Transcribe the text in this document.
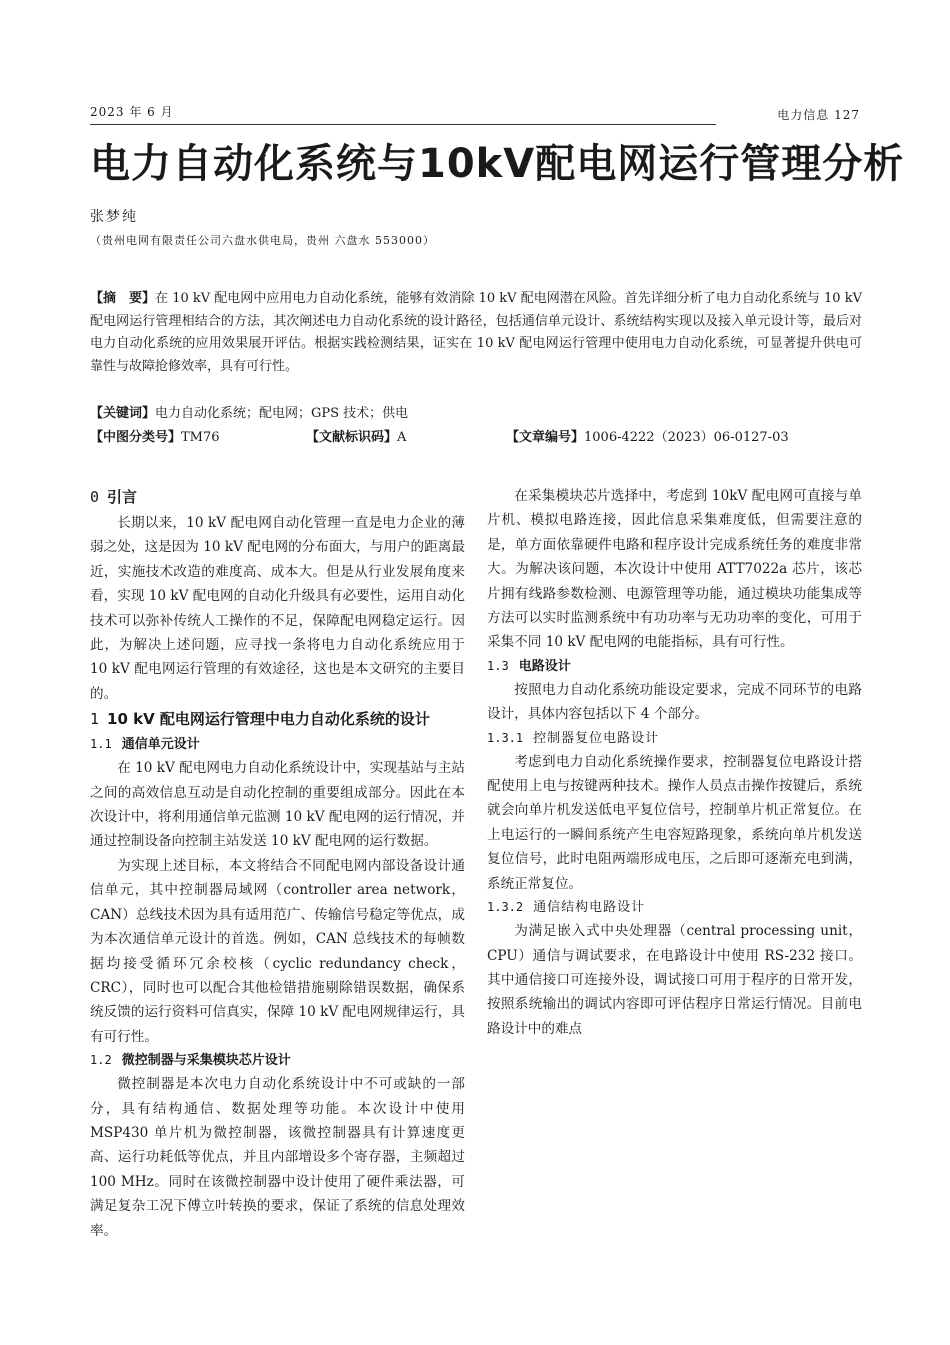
2023 年 6 月	电力信息 127
电力自动化系统与10kV配电网运行管理分析
张梦纯
（贵州电网有限责任公司六盘水供电局，贵州 六盘水 553000）
【摘　要】在 10 kV 配电网中应用电力自动化系统，能够有效消除 10 kV 配电网潜在风险。首先详细分析了电力自动化系统与 10 kV 配电网运行管理相结合的方法，其次阐述电力自动化系统的设计路径，包括通信单元设计、系统结构实现以及接入单元设计等，最后对电力自动化系统的应用效果展开评估。根据实践检测结果，证实在 10 kV 配电网运行管理中使用电力自动化系统，可显著提升供电可靠性与故障抢修效率，具有可行性。
【关键词】电力自动化系统；配电网；GPS 技术；供电
【中图分类号】TM76	【文献标识码】A	【文章编号】1006-4222（2023）06-0127-03
0 引言

长期以来，10 kV 配电网自动化管理一直是电力企业的薄弱之处，这是因为 10 kV 配电网的分布面大，与用户的距离最近，实施技术改造的难度高、成本大。但是从行业发展角度来看，实现 10 kV 配电网的自动化升级具有必要性，运用自动化技术可以弥补传统人工操作的不足，保障配电网稳定运行。因此，为解决上述问题，应寻找一条将电力自动化系统应用于 10 kV 配电网运行管理的有效途径，这也是本文研究的主要目的。

1 10 kV 配电网运行管理中电力自动化系统的设计
1.1 通信单元设计

在 10 kV 配电网电力自动化系统设计中，实现基站与主站之间的高效信息互动是自动化控制的重要组成部分。因此在本次设计中，将利用通信单元监测 10 kV 配电网的运行情况，并通过控制设备向控制主站发送 10 kV 配电网的运行数据。

为实现上述目标，本文将结合不同配电网内部设备设计通信单元，其中控制器局域网（controller area network，CAN）总线技术因为具有适用范广、传输信号稳定等优点，成为本次通信单元设计的首选。例如，CAN 总线技术的每帧数据均接受循环冗余校核（cyclic redundancy check，CRC），同时也可以配合其他检错措施剔除错误数据，确保系统反馈的运行资料可信真实，保障 10 kV 配电网规律运行，具有可行性。

1.2 微控制器与采集模块芯片设计

微控制器是本次电力自动化系统设计中不可或缺的一部分，具有结构通信、数据处理等功能。本次设计中使用 MSP430 单片机为微控制器，该微控制器具有计算速度更高、运行功耗低等优点，并且内部增设多个寄存器，主频超过 100 MHz。同时在该微控制器中设计使用了硬件乘法器，可满足复杂工况下傅立叶转换的要求，保证了系统的信息处理效率。

在采集模块芯片选择中，考虑到 10kV 配电网可直接与单片机、模拟电路连接，因此信息采集难度低，但需要注意的是，单方面依靠硬件电路和程序设计完成系统任务的难度非常大。为解决该问题，本次设计中使用 ATT7022a 芯片，该芯片拥有线路参数检测、电源管理等功能，通过模块功能集成等方法可以实时监测系统中有功功率与无功功率的变化，可用于采集不同 10 kV 配电网的电能指标，具有可行性。

1.3 电路设计

按照电力自动化系统功能设定要求，完成不同环节的电路设计，具体内容包括以下 4 个部分。

1.3.1 控制器复位电路设计

考虑到电力自动化系统操作要求，控制器复位电路设计搭配使用上电与按键两种技术。操作人员点击操作按键后，系统就会向单片机发送低电平复位信号，控制单片机正常复位。在上电运行的一瞬间系统产生电容短路现象，系统向单片机发送复位信号，此时电阻两端形成电压，之后即可逐渐充电到满，系统正常复位。

1.3.2 通信结构电路设计

为满足嵌入式中央处理器（central processing unit，CPU）通信与调试要求，在电路设计中使用 RS-232 接口。其中通信接口可连接外设，调试接口可用于程序的日常开发，按照系统输出的调试内容即可评估程序日常运行情况。目前电路设计中的难点
